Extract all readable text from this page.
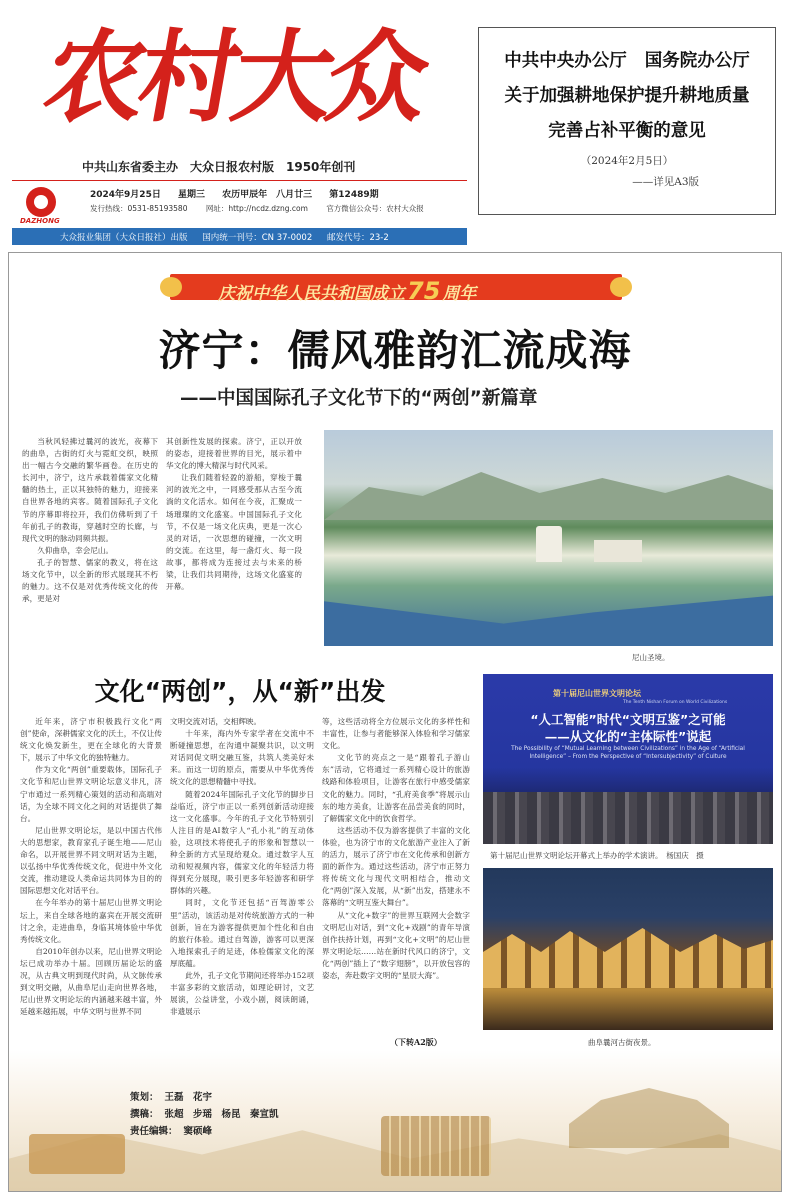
农村大众
中共山东省委主办　大众日报农村版　1950年创刊
DAZHONG
2024年9月25日 星期三 农历甲辰年　八月廿三 第12489期
发行热线：0531-85193580 网址：http://ncdz.dzng.com 官方微信公众号：农村大众报
大众报业集团（大众日报社）出版 国内统一刊号：CN 37-0002 邮发代号：23-2
中共中央办公厅 国务院办公厅
关于加强耕地保护提升耕地质量
完善占补平衡的意见
（2024年2月5日）
——详见A3版
庆祝中华人民共和国成立75 周年
济宁：儒风雅韵汇流成海
——中国国际孔子文化节下的“两创”新篇章

当秋风轻拂过曩河的波光，夜幕下的曲阜，古街的灯火与霓虹交织，映照出一幅古今交融的繁华画卷。在历史的长河中，济宁，这片承载着儒家文化精髓的热土，正以其独特的魅力，迎接来自世界各地的宾客。随着国际孔子文化节的序幕即将拉开，我们仿佛听到了千年前孔子的教诲，穿越时空的长廊，与现代文明的脉动同频共振。

久仰曲阜，幸会尼山。

孔子的智慧、儒家的教义，将在这场文化节中，以全新的形式展现其不朽的魅力。这不仅是对优秀传统文化的传承，更是对

其创新性发展的探索。济宁，正以开放的姿态，迎接着世界的目光，展示着中华文化的博大精深与时代风采。

让我们随着轻盈的游船，穿梭于曩河的波光之中，一同感受那从古至今流淌的文化活水。如何在今夜，汇聚成一场璀璨的文化盛宴。中国国际孔子文化节，不仅是一场文化庆典，更是一次心灵的对话，一次思想的碰撞，一次文明的交流。在这里，每一盏灯火、每一段故事，都将成为连接过去与未来的桥梁，让我们共同期待，这场文化盛宴的开幕。

尼山圣境。
文化“两创”，从“新”出发

近年来，济宁市积极践行文化“两创”使命，深耕儒家文化的沃土，不仅让传统文化焕发新生，更在全球化的大背景下，展示了中华文化的独特魅力。

作为文化“两创”重要载体，国际孔子文化节和尼山世界文明论坛意义非凡，济宁市通过一系列精心策划的活动和高端对话，为全球不同文化之间的对话提供了舞台。

尼山世界文明论坛，是以中国古代伟大的思想家，教育家孔子诞生地——尼山命名，以开展世界不同文明对话为主题，以弘扬中华优秀传统文化，促进中外文化交流，推动建设人类命运共同体为目的的国际思想文化对话平台。

在今年举办的第十届尼山世界文明论坛上，来自全球各地的嘉宾在开展交流研讨之余，走进曲阜，身临其境体验中华优秀传统文化。

自2010年创办以来，尼山世界文明论坛已成功举办十届。回顾历届论坛的盛况，从古典文明到现代时尚，从文脉传承到文明交融，从曲阜尼山走向世界各地，尼山世界文明论坛的内涵越来越丰富，外延越来越拓展，中华文明与世界不同

文明交流对话，交相辉映。

十年来，海内外专家学者在交流中不断碰撞思想，在沟通中凝聚共识，以文明对话同促文明交融互鉴，共筑人类美好未来。而这一切的原点，需要从中华优秀传统文化的思想精髓中寻找。

随着2024年国际孔子文化节的脚步日益临近，济宁市正以一系列创新活动迎接这一文化盛事。今年的孔子文化节特别引人注目的是AI数字人“孔小礼”的互动体验，这项技术将使孔子的形象和智慧以一种全新的方式呈现给观众。通过数字人互动和短视频内容，儒家文化的年轻活力将得到充分展现，吸引更多年轻游客和研学群体的兴趣。

同时，文化节还包括“百驾游零公里”活动，该活动是对传统旅游方式的一种创新，旨在为游客提供更加个性化和自由的旅行体验。通过自驾游，游客可以更深入地探索孔子的足迹，体验儒家文化的深厚底蕴。

此外，孔子文化节期间还将举办152项丰富多彩的文旅活动，如理论研讨，文艺展演，公益讲堂，小戏小剧，阅读朗诵，非遗展示

等，这些活动将全方位展示文化的多样性和丰富性，让参与者能够深入体验和学习儒家文化。

文化节的亮点之一是“跟着孔子游山东”活动，它将通过一系列精心设计的旅游线路和体验项目，让游客在旅行中感受儒家文化的魅力。同时，“孔府美食季”将展示山东的地方美食，让游客在品尝美食的同时，了解儒家文化中的饮食哲学。

这些活动不仅为游客提供了丰富的文化体验，也为济宁市的文化旅游产业注入了新的活力，展示了济宁市在文化传承和创新方面的新作为。通过这些活动，济宁市正努力将传统文化与现代文明相结合，推动文化“两创”深入发展，从“新”出发，搭建永不落幕的“文明互鉴大舞台”。

从“文化+数字”的世界互联网大会数字文明尼山对话，到“文化+戏剧”的青年导演创作扶持计划，再到“文化+文明”的尼山世界文明论坛……站在新时代风口的济宁，文化“两创”插上了“数字翅膀”，以开放包容的姿态，奔赴数字文明的“星辰大海”。

（下转A2版）
第十届尼山世界文明论坛
The Tenth Nishan Forum on World Civilizations
“人工智能”时代“文明互鉴”之可能
——从文化的“主体际性”说起
The Possibility of “Mutual Learning between Civilizations” in the Age of “Artificial Intelligence” – From the Perspective of “Intersubjectivity” of Culture
第十届尼山世界文明论坛开幕式上举办的学术演讲。　杨国庆　摄
曲阜曩河古街夜景。
策划： 王磊　花宇
撰稿： 张超　步瑶　杨昆　秦宣凯
责任编辑： 窦硕峰
